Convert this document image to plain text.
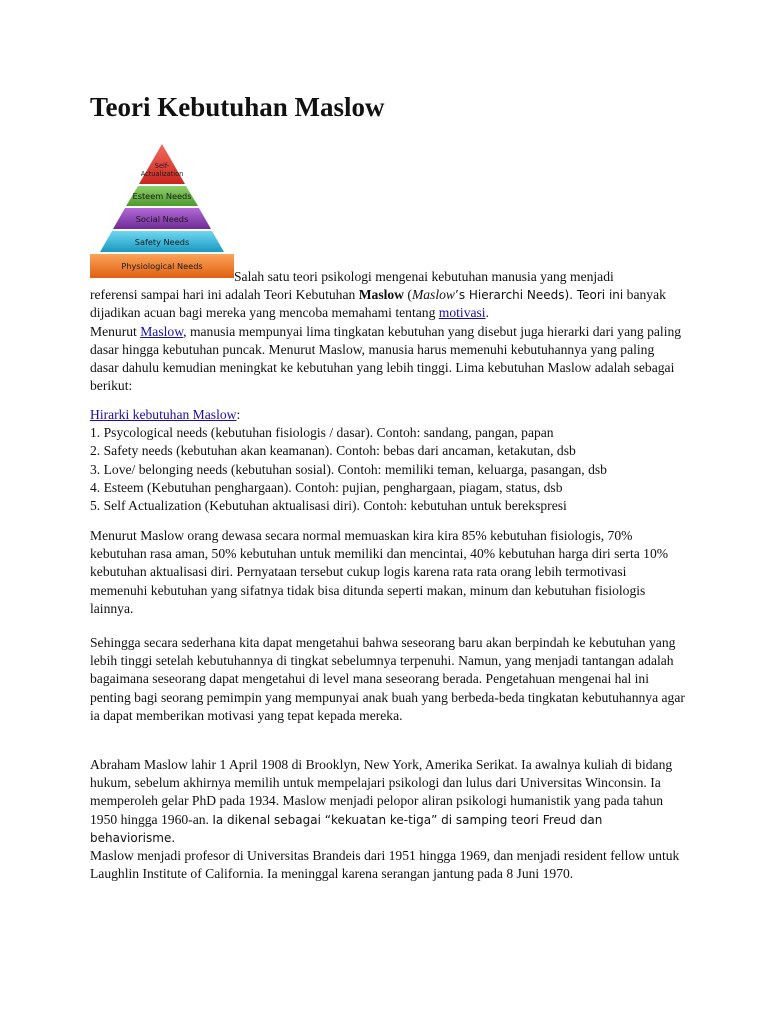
Teori Kebutuhan Maslow
Self-
Actualization
Esteem Needs
Social Needs
Safety Needs
Physiological Needs

Salah satu teori psikologi mengenai kebutuhan manusia yang menjadi
referensi sampai hari ini adalah Teori Kebutuhan Maslow (Maslow’s Hierarchi Needs). Teori ini banyak dijadikan acuan bagi mereka yang mencoba memahami tentang motivasi.

Menurut Maslow, manusia mempunyai lima tingkatan kebutuhan yang disebut juga hierarki dari yang paling dasar hingga kebutuhan puncak. Menurut Maslow, manusia harus memenuhi kebutuhannya yang paling dasar dahulu kemudian meningkat ke kebutuhan yang lebih tinggi. Lima kebutuhan Maslow adalah sebagai berikut:

Hirarki kebutuhan Maslow:

1. Psycological needs (kebutuhan fisiologis / dasar). Contoh: sandang, pangan, papan

2. Safety needs (kebutuhan akan keamanan). Contoh: bebas dari ancaman, ketakutan, dsb

3. Love/ belonging needs (kebutuhan sosial). Contoh: memiliki teman, keluarga, pasangan, dsb

4. Esteem (Kebutuhan penghargaan). Contoh: pujian, penghargaan, piagam, status, dsb

5. Self Actualization (Kebutuhan aktualisasi diri). Contoh: kebutuhan untuk berekspresi

Menurut Maslow orang dewasa secara normal memuaskan kira kira 85% kebutuhan fisiologis, 70% kebutuhan rasa aman, 50% kebutuhan untuk memiliki dan mencintai, 40% kebutuhan harga diri serta 10% kebutuhan aktualisasi diri. Pernyataan tersebut cukup logis karena rata rata orang lebih termotivasi memenuhi kebutuhan yang sifatnya tidak bisa ditunda seperti makan, minum dan kebutuhan fisiologis lainnya.

Sehingga secara sederhana kita dapat mengetahui bahwa seseorang baru akan berpindah ke kebutuhan yang lebih tinggi setelah kebutuhannya di tingkat sebelumnya terpenuhi. Namun, yang menjadi tantangan adalah bagaimana seseorang dapat mengetahui di level mana seseorang berada. Pengetahuan mengenai hal ini penting bagi seorang pemimpin yang mempunyai anak buah yang berbeda-beda tingkatan kebutuhannya agar ia dapat memberikan motivasi yang tepat kepada mereka.

Abraham Maslow lahir 1 April 1908 di Brooklyn, New York, Amerika Serikat. Ia awalnya kuliah di bidang hukum, sebelum akhirnya memilih untuk mempelajari psikologi dan lulus dari Universitas Winconsin. Ia memperoleh gelar PhD pada 1934. Maslow menjadi pelopor aliran psikologi humanistik yang pada tahun 1950 hingga 1960-an. Ia dikenal sebagai “kekuatan ke-tiga” di samping teori Freud dan behaviorisme.

Maslow menjadi profesor di Universitas Brandeis dari 1951 hingga 1969, dan menjadi resident fellow untuk Laughlin Institute of California. Ia meninggal karena serangan jantung pada 8 Juni 1970.
